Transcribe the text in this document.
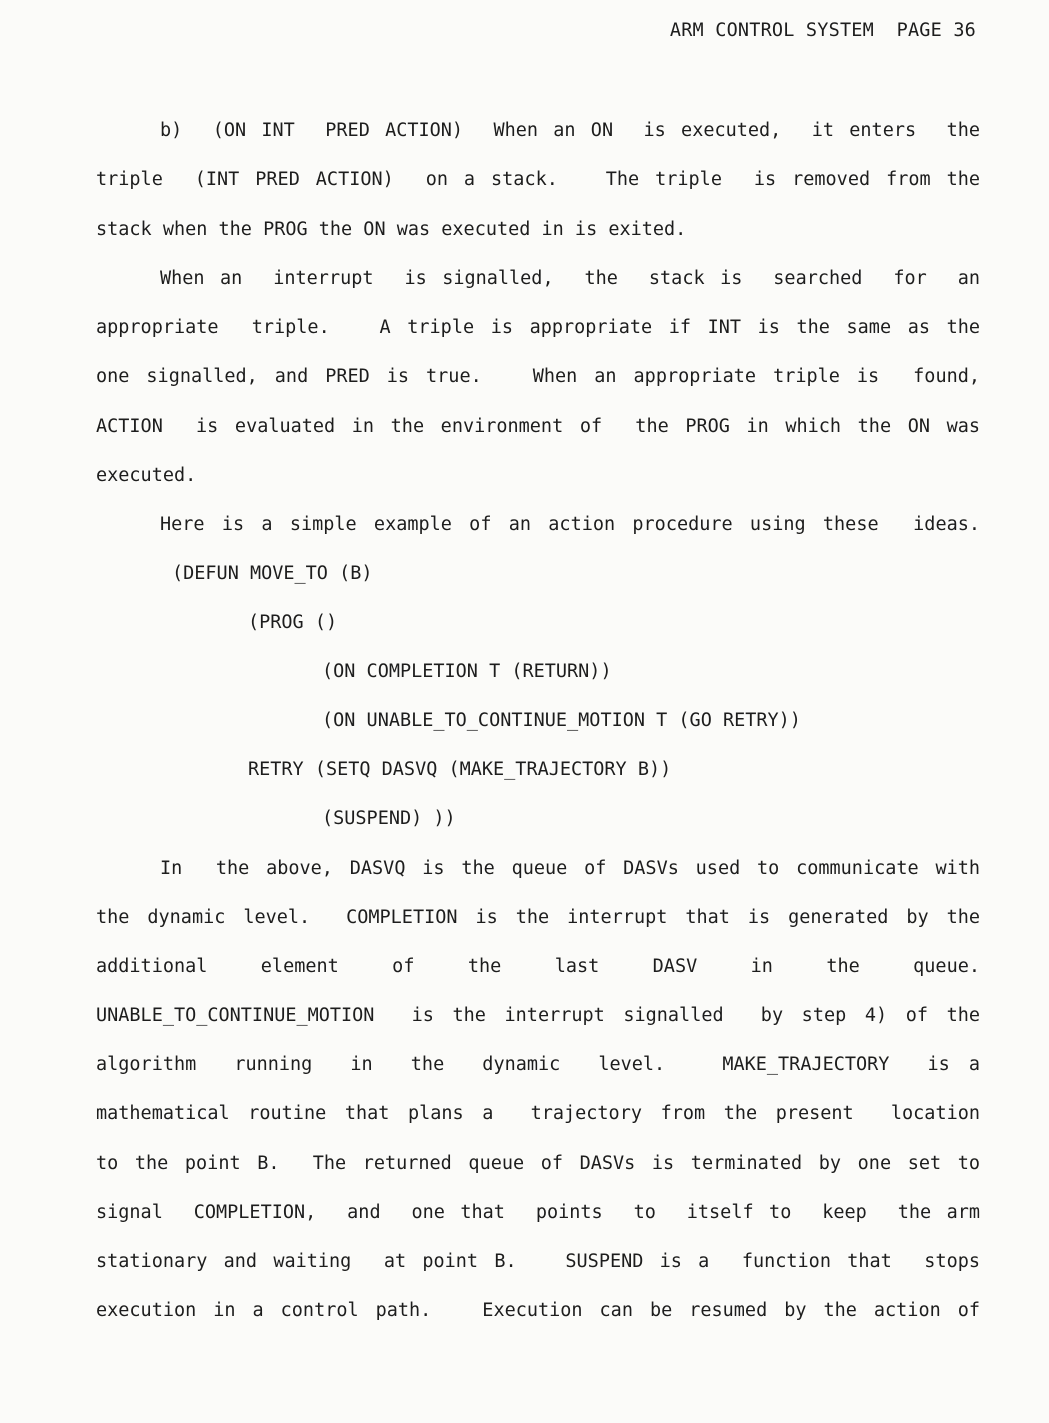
ARM CONTROL SYSTEM  PAGE 36
b)  (ON INT  PRED ACTION)  When an ON  is executed,  it enters  the
triple  (INT PRED ACTION)  on a stack.   The triple  is removed from the
stack when the PROG the ON was executed in is exited.
When an  interrupt  is signalled,  the  stack is  searched  for  an
appropriate  triple.   A triple is appropriate if INT is the same as the
one signalled, and PRED is true.   When an appropriate triple is  found,
ACTION  is evaluated in the environment of  the PROG in which the ON was
executed.
Here is a simple example of an action procedure using these  ideas.
(DEFUN MOVE_TO (B)
(PROG ()
(ON COMPLETION T (RETURN))
(ON UNABLE_TO_CONTINUE_MOTION T (GO RETRY))
RETRY (SETQ DASVQ (MAKE_TRAJECTORY B))
(SUSPEND) ))
In  the above, DASVQ is the queue of DASVs used to communicate with
the dynamic level.  COMPLETION is the interrupt that is generated by the
additional  element  of  the  last  DASV  in  the  queue.
UNABLE_TO_CONTINUE_MOTION  is the interrupt signalled  by step 4) of the
algorithm  running  in  the  dynamic  level.   MAKE_TRAJECTORY  is a
mathematical routine that plans a  trajectory from the present  location
to the point B.  The returned queue of DASVs is terminated by one set to
signal  COMPLETION,  and  one that  points  to  itself to  keep  the arm
stationary and waiting  at point B.   SUSPEND is a  function that  stops
execution in a control path.   Execution can be resumed by the action of
